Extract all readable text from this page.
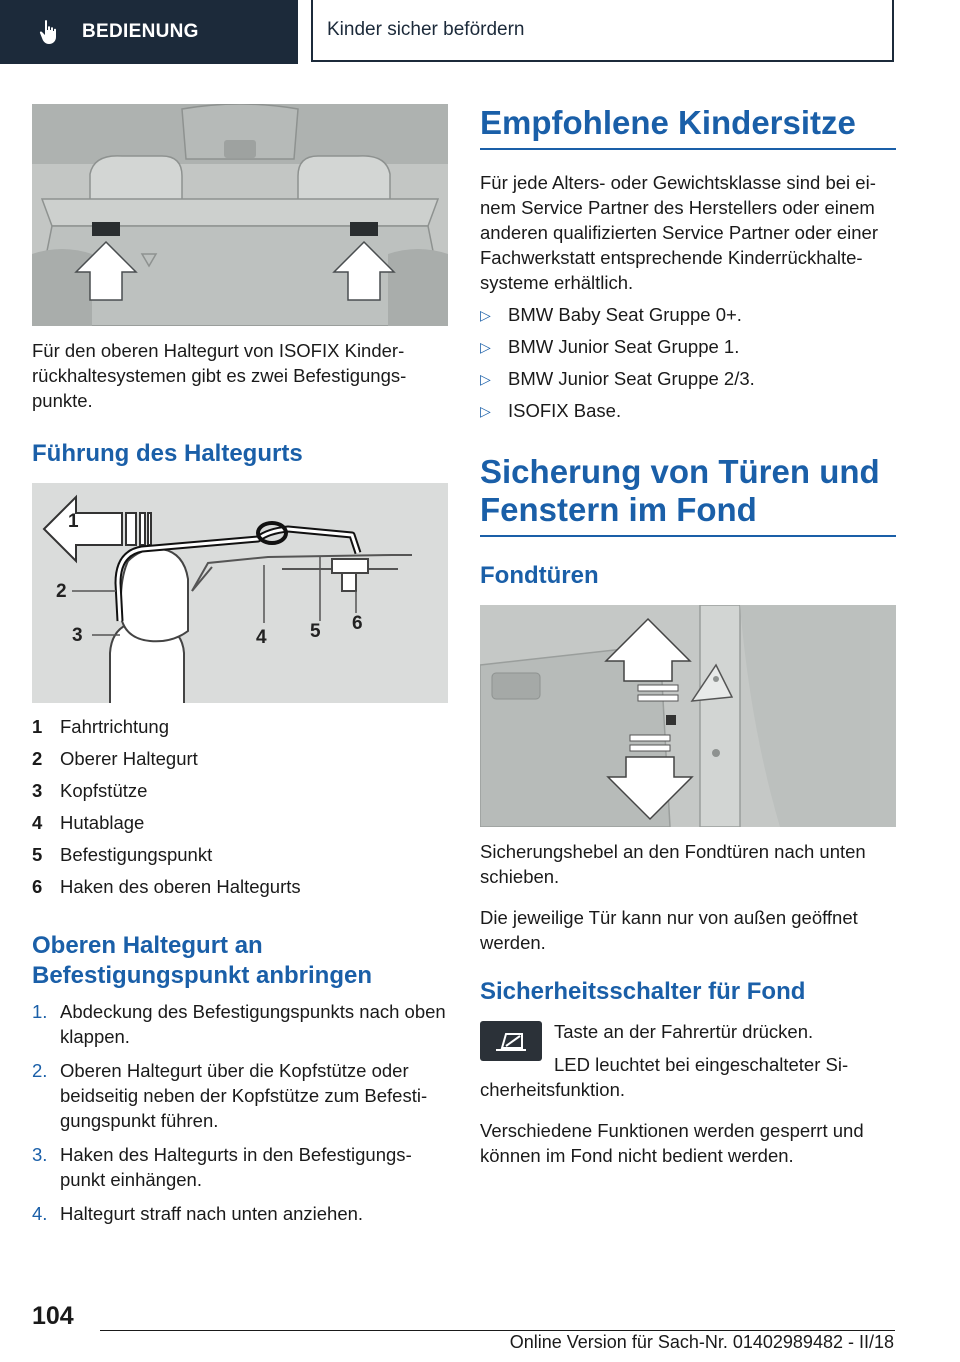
BEDIENUNG	Kinder sicher befördern

Für den oberen Haltegurt von ISOFIX Kinderrückhaltesystemen gibt es zwei Befestigungspunkte.

Führung des Haltegurts
1
2
3	4 5 6
1 Fahrtrichtung
2 Oberer Haltegurt
3 Kopfstütze
4 Hutablage
5 Befestigungspunkt
6 Haken des oberen Haltegurts
Oberen Haltegurt an Befestigungspunkt anbringen
1. Abdeckung des Befestigungspunkts nach oben klappen.
2. Oberen Haltegurt über die Kopfstütze oder beidseitig neben der Kopfstütze zum Befestigungspunkt führen.
3. Haken des Haltegurts in den Befestigungspunkt einhängen.
4. Haltegurt straff nach unten anziehen.
Empfohlene Kindersitze

Für jede Alters- oder Gewichtsklasse sind bei einem Service Partner des Herstellers oder einem anderen qualifizierten Service Partner oder einer Fachwerkstatt entsprechende Kinderrückhaltesysteme erhältlich.

▷ BMW Baby Seat Gruppe 0+.
▷ BMW Junior Seat Gruppe 1.
▷ BMW Junior Seat Gruppe 2/3.
▷ ISOFIX Base.
Sicherung von Türen und Fenstern im Fond
Fondtüren

Sicherungshebel an den Fondtüren nach unten schieben.

Die jeweilige Tür kann nur von außen geöffnet werden.

Sicherheitsschalter für Fond

Taste an der Fahrertür drücken.

LED leuchtet bei eingeschalteter Sicherheitsfunktion.

Verschiedene Funktionen werden gesperrt und können im Fond nicht bedient werden.

104
Online Version für Sach-Nr. 01402989482 - II/18
